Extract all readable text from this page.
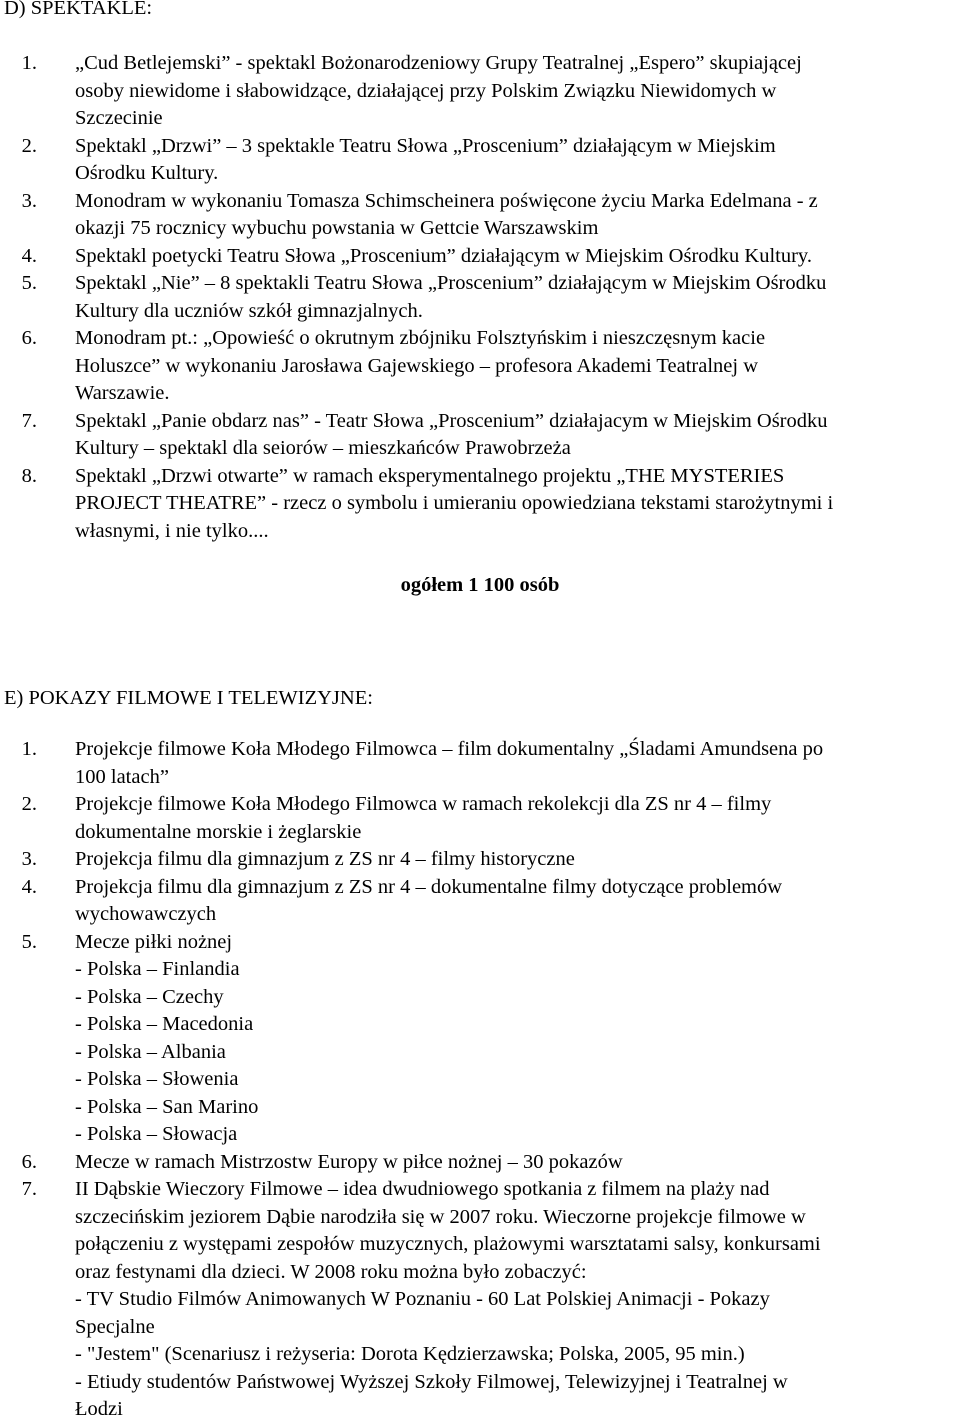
D) SPEKTAKLE:
1. „Cud Betlejemski” - spektakl Bożonarodzeniowy Grupy Teatralnej „Espero” skupiającej
osoby niewidome i słabowidzące, działającej przy Polskim Związku Niewidomych w
Szczecinie
2. Spektakl „Drzwi” – 3 spektakle Teatru Słowa „Proscenium” działającym w Miejskim
Ośrodku Kultury.
3. Monodram w wykonaniu Tomasza Schimscheinera poświęcone życiu Marka Edelmana - z
okazji 75 rocznicy wybuchu powstania w Gettcie Warszawskim
4. Spektakl poetycki Teatru Słowa „Proscenium” działającym w Miejskim Ośrodku Kultury.
5. Spektakl „Nie” – 8 spektakli Teatru Słowa „Proscenium” działającym w Miejskim Ośrodku
Kultury dla uczniów szkół gimnazjalnych.
6. Monodram pt.: „Opowieść o okrutnym zbójniku Folsztyńskim i nieszczęsnym kacie
Holuszce” w wykonaniu Jarosława Gajewskiego – profesora Akademi Teatralnej w
Warszawie.
7. Spektakl „Panie obdarz nas” - Teatr Słowa „Proscenium” działajacym w Miejskim Ośrodku
Kultury – spektakl dla seiorów – mieszkańców Prawobrzeża
8. Spektakl „Drzwi otwarte” w ramach eksperymentalnego projektu „THE MYSTERIES
PROJECT THEATRE” - rzecz o symbolu i umieraniu opowiedziana tekstami starożytnymi i
własnymi, i nie tylko....
ogółem 1 100 osób
E) POKAZY FILMOWE I TELEWIZYJNE:
1. Projekcje filmowe Koła Młodego Filmowca – film dokumentalny „Śladami Amundsena po
100 latach”
2. Projekcje filmowe Koła Młodego Filmowca w ramach rekolekcji dla ZS nr 4 – filmy
dokumentalne morskie i żeglarskie
3. Projekcja filmu dla gimnazjum z ZS nr 4 – filmy historyczne
4. Projekcja filmu dla gimnazjum z ZS nr 4 – dokumentalne filmy dotyczące problemów
wychowawczych
5. Mecze piłki nożnej
- Polska – Finlandia
- Polska – Czechy
- Polska – Macedonia
- Polska – Albania
- Polska – Słowenia
- Polska – San Marino
- Polska – Słowacja
6. Mecze w ramach Mistrzostw Europy w piłce nożnej – 30 pokazów
7. II Dąbskie Wieczory Filmowe – idea dwudniowego spotkania z filmem na plaży nad
szczecińskim jeziorem Dąbie narodziła się w 2007 roku. Wieczorne projekcje filmowe w
połączeniu z występami zespołów muzycznych, plażowymi warsztatami salsy, konkursami
oraz festynami dla dzieci. W 2008 roku można było zobaczyć:
- TV Studio Filmów Animowanych W Poznaniu - 60 Lat Polskiej Animacji - Pokazy
Specjalne
- "Jestem" (Scenariusz i reżyseria: Dorota Kędzierzawska; Polska, 2005, 95 min.)
- Etiudy studentów Państwowej Wyższej Szkoły Filmowej, Telewizyjnej i Teatralnej w
Łodzi
